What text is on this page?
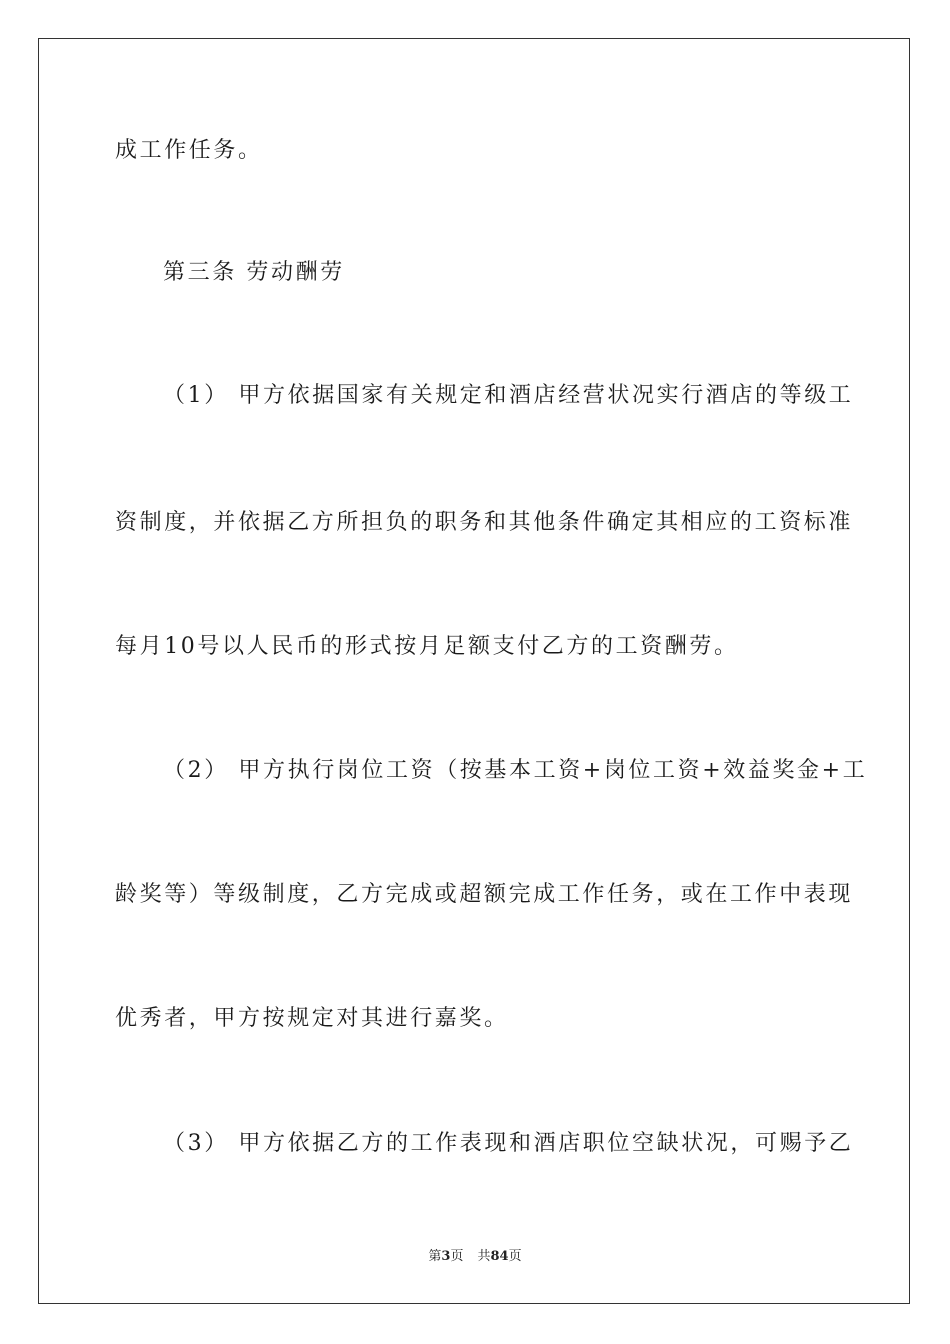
成工作任务。
第三条 劳动酬劳
（1） 甲方依据国家有关规定和酒店经营状况实行酒店的等级工
资制度，并依据乙方所担负的职务和其他条件确定其相应的工资标准
每月10号以人民币的形式按月足额支付乙方的工资酬劳。
（2） 甲方执行岗位工资（按基本工资+岗位工资+效益奖金+工
龄奖等）等级制度，乙方完成或超额完成工作任务，或在工作中表现
优秀者，甲方按规定对其进行嘉奖。
（3） 甲方依据乙方的工作表现和酒店职位空缺状况，可赐予乙
第3页 共84页
